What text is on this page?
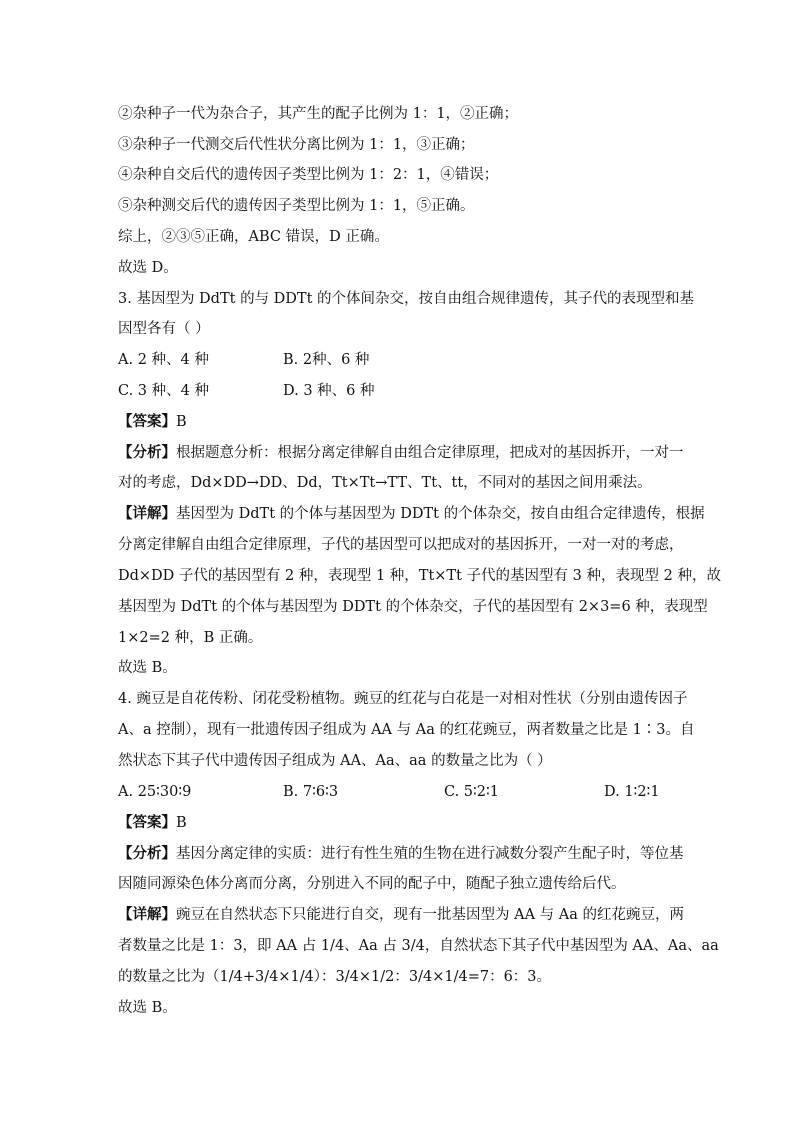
②杂种子一代为杂合子，其产生的配子比例为 1：1，②正确；
③杂种子一代测交后代性状分离比例为 1：1，③正确；
④杂种自交后代的遗传因子类型比例为 1：2：1，④错误；
⑤杂种测交后代的遗传因子类型比例为 1：1，⑤正确。
综上，②③⑤正确，ABC 错误，D 正确。
故选 D。
3. 基因型为 DdTt 的与 DDTt 的个体间杂交，按自由组合规律遗传，其子代的表现型和基
因型各有（ ）
A. 2 种、4 种	B. 2种、6 种
C. 3 种、4 种	D. 3 种、6 种
【答案】B
【分析】根据题意分析：根据分离定律解自由组合定律原理，把成对的基因拆开，一对一
对的考虑，Dd×DD→DD、Dd，Tt×Tt→TT、Tt、tt，不同对的基因之间用乘法。
【详解】基因型为 DdTt 的个体与基因型为 DDTt 的个体杂交，按自由组合定律遗传，根据
分离定律解自由组合定律原理，子代的基因型可以把成对的基因拆开，一对一对的考虑，
Dd×DD 子代的基因型有 2 种，表现型 1 种，Tt×Tt 子代的基因型有 3 种，表现型 2 种，故
基因型为 DdTt 的个体与基因型为 DDTt 的个体杂交，子代的基因型有 2×3=6 种，表现型
1×2=2 种，B 正确。
故选 B。
4. 豌豆是自花传粉、闭花受粉植物。豌豆的红花与白花是一对相对性状（分别由遗传因子
A、a 控制），现有一批遗传因子组成为 AA 与 Aa 的红花豌豆，两者数量之比是 1∶3。自
然状态下其子代中遗传因子组成为 AA、Aa、aa 的数量之比为（ ）
A. 25∶30∶9	B. 7∶6∶3	C. 5∶2∶1	D. 1∶2∶1
【答案】B
【分析】基因分离定律的实质：进行有性生殖的生物在进行减数分裂产生配子时，等位基
因随同源染色体分离而分离，分别进入不同的配子中，随配子独立遗传给后代。
【详解】豌豆在自然状态下只能进行自交，现有一批基因型为 AA 与 Aa 的红花豌豆，两
者数量之比是 1：3，即 AA 占 1/4、Aa 占 3/4，自然状态下其子代中基因型为 AA、Aa、aa
的数量之比为（1/4+3/4×1/4）：3/4×1/2：3/4×1/4=7：6：3。
故选 B。
